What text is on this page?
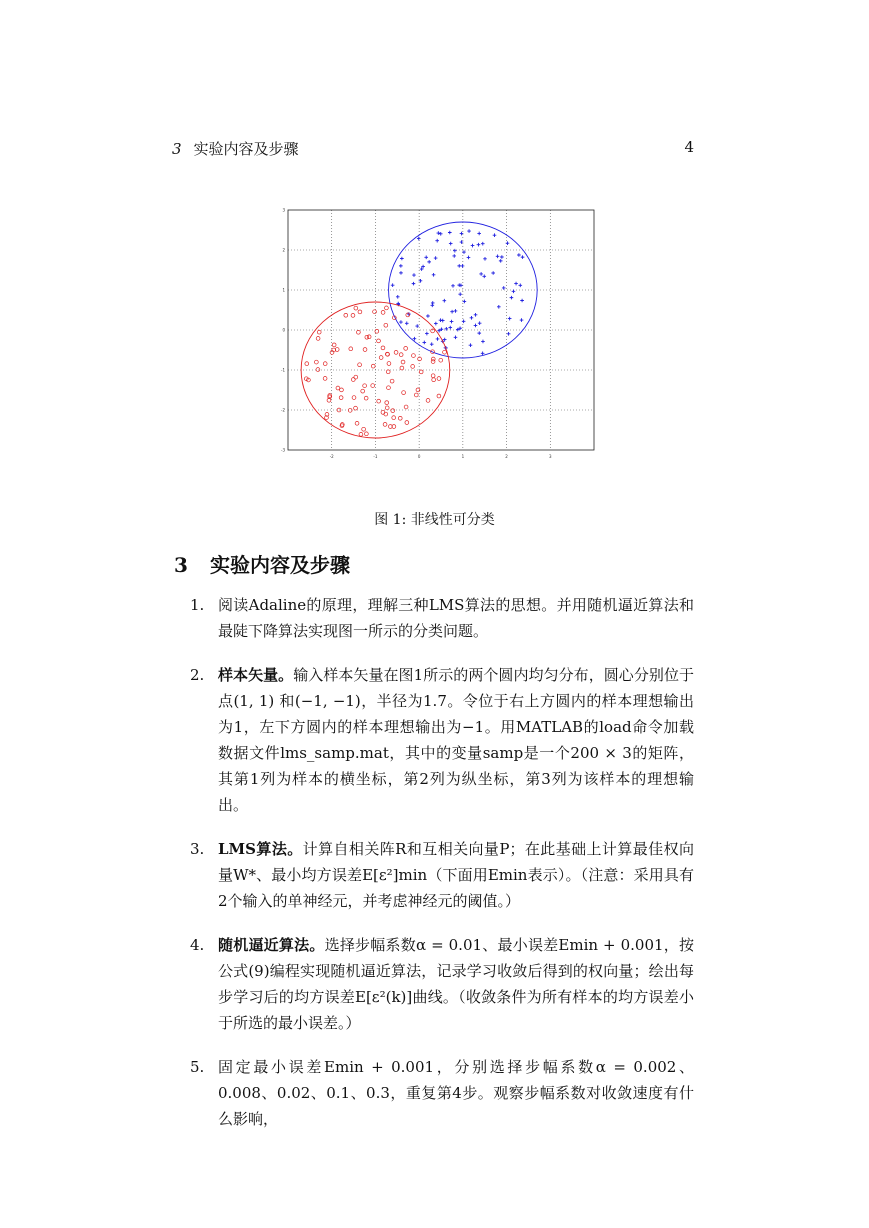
3 实验内容及步骤	4
-2	-1	0	1	2	3
3
2
1
0
-1
-2
-3
图 1: 非线性可分类
3 实验内容及步骤
1. 阅读Adaline的原理，理解三种LMS算法的思想。并用随机逼近算法和最陡下降算法实现图一所示的分类问题。
2. 样本矢量。输入样本矢量在图1所示的两个圆内均匀分布，圆心分别位于点(1, 1) 和(−1, −1)，半径为1.7。令位于右上方圆内的样本理想输出为1，左下方圆内的样本理想输出为−1。用MATLAB的load命令加载数据文件lms_samp.mat，其中的变量samp是一个200 × 3的矩阵，其第1列为样本的横坐标，第2列为纵坐标，第3列为该样本的理想输出。
3. LMS算法。计算自相关阵R和互相关向量P；在此基础上计算最佳权向量W*、最小均方误差E[ε²]min（下面用Emin表示）。（注意：采用具有2个输入的单神经元，并考虑神经元的阈值。）
4. 随机逼近算法。选择步幅系数α = 0.01、最小误差Emin + 0.001，按公式(9)编程实现随机逼近算法，记录学习收敛后得到的权向量；绘出每步学习后的均方误差E[ε²(k)]曲线。（收敛条件为所有样本的均方误差小于所选的最小误差。）
5. 固定最小误差Emin + 0.001，分别选择步幅系数α = 0.002、0.008、0.02、0.1、0.3，重复第4步。观察步幅系数对收敛速度有什么影响，
